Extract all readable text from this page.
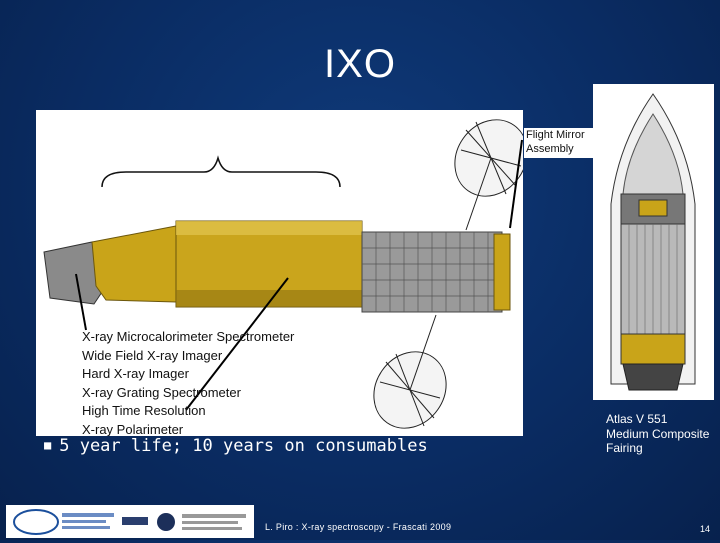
IXO
X-ray Microcalorimeter Spectrometer
Wide Field X-ray Imager
Hard X-ray Imager
X-ray Grating Spectrometer
High Time Resolution
X-ray Polarimeter
Flight Mirror Assembly
Atlas V 551
Medium Composite
Fairing
■ 5 year life; 10 years on consumables
L. Piro : X-ray spectroscopy - Frascati 2009	14
